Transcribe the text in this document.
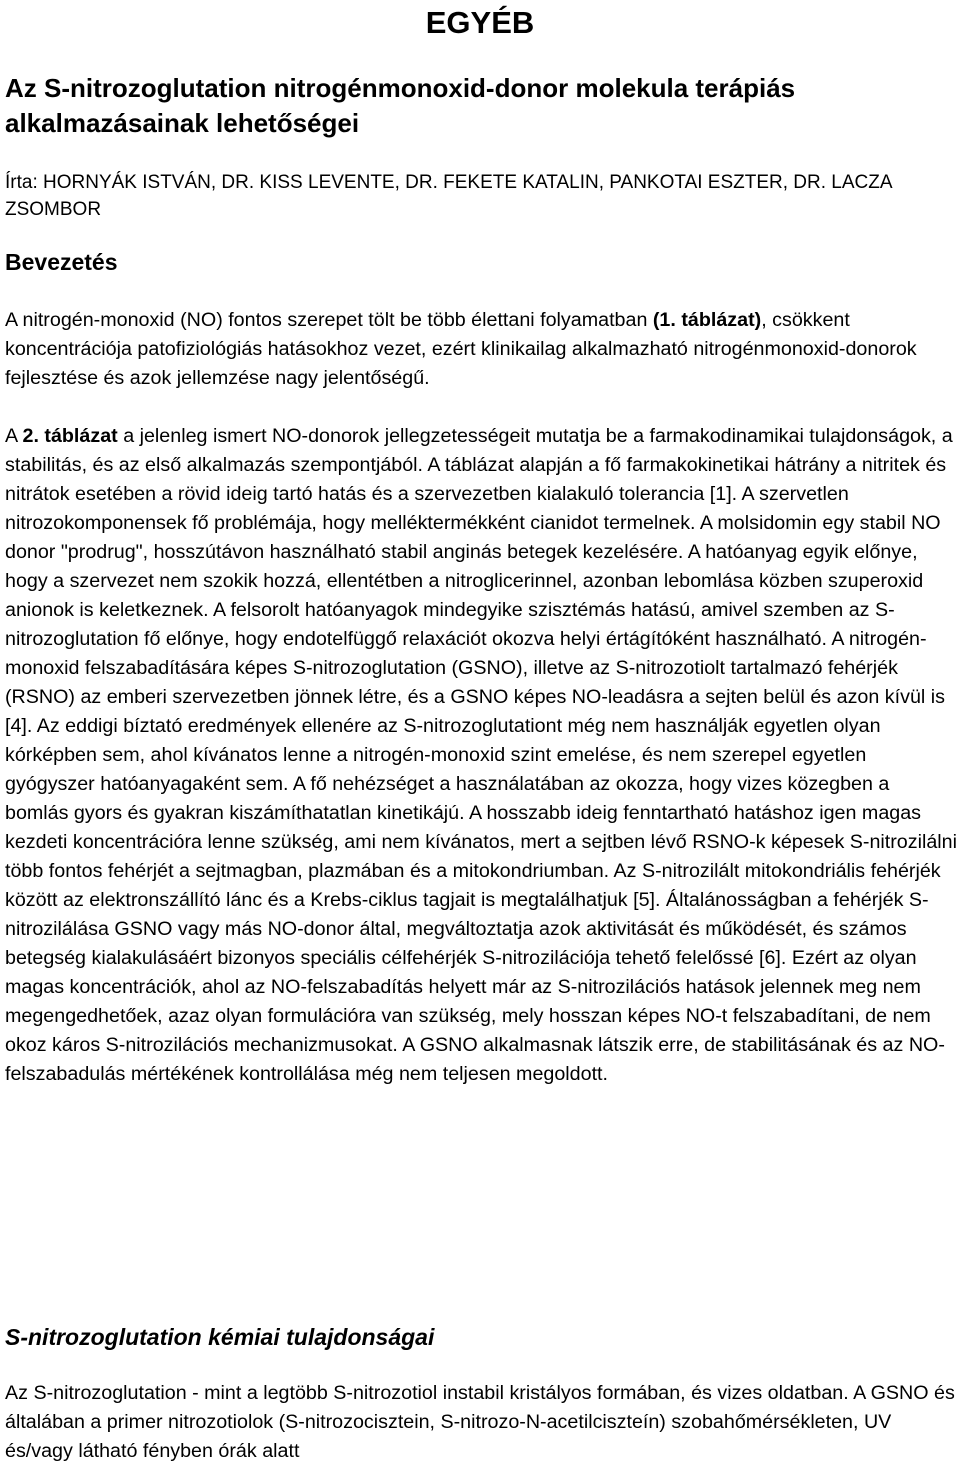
EGYÉB
Az S-nitrozoglutation nitrogénmonoxid-donor molekula terápiás alkalmazásainak lehetőségei

Írta: HORNYÁK ISTVÁN, DR. KISS LEVENTE, DR. FEKETE KATALIN, PANKOTAI ESZTER, DR. LACZA ZSOMBOR

Bevezetés

A nitrogén-monoxid (NO) fontos szerepet tölt be több élettani folyamatban (1. táblázat), csökkent koncentrációja patofiziológiás hatásokhoz vezet, ezért klinikailag alkalmazható nitrogénmonoxid-donorok fejlesztése és azok jellemzése nagy jelentőségű.

A 2. táblázat a jelenleg ismert NO-donorok jellegzetességeit mutatja be a farmakodinamikai tulajdonságok, a stabilitás, és az első alkalmazás szempontjából. A táblázat alapján a fő farmakokinetikai hátrány a nitritek és nitrátok esetében a rövid ideig tartó hatás és a szervezetben kialakuló tolerancia [1]. A szervetlen nitrozokomponensek fő problémája, hogy melléktermékként cianidot termelnek. A molsidomin egy stabil NO donor "prodrug", hosszútávon használható stabil anginás betegek kezelésére. A hatóanyag egyik előnye, hogy a szervezet nem szokik hozzá, ellentétben a nitroglicerinnel, azonban lebomlása közben szuperoxid anionok is keletkeznek. A felsorolt hatóanyagok mindegyike szisztémás hatású, amivel szemben az S-nitrozoglutation fő előnye, hogy endotelfüggő relaxációt okozva helyi értágítóként használható. A nitrogén-monoxid felszabadítására képes S-nitrozoglutation (GSNO), illetve az S-nitrozotiolt tartalmazó fehérjék (RSNO) az emberi szervezetben jönnek létre, és a GSNO képes NO-leadásra a sejten belül és azon kívül is [4]. Az eddigi bíztató eredmények ellenére az S-nitrozoglutationt még nem használják egyetlen olyan kórképben sem, ahol kívánatos lenne a nitrogén-monoxid szint emelése, és nem szerepel egyetlen gyógyszer hatóanyagaként sem. A fő nehézséget a használatában az okozza, hogy vizes közegben a bomlás gyors és gyakran kiszámíthatatlan kinetikájú. A hosszabb ideig fenntartható hatáshoz igen magas kezdeti koncentrációra lenne szükség, ami nem kívánatos, mert a sejtben lévő RSNO-k képesek S-nitrozilálni több fontos fehérjét a sejtmagban, plazmában és a mitokondriumban. Az S-nitrozilált mitokondriális fehérjék között az elektronszállító lánc és a Krebs-ciklus tagjait is megtalálhatjuk [5]. Általánosságban a fehérjék S-nitrozilálása GSNO vagy más NO-donor által, megváltoztatja azok aktivitását és működését, és számos betegség kialakulásáért bizonyos speciális célfehérjék S-nitrozilációja tehető felelőssé [6]. Ezért az olyan magas koncentrációk, ahol az NO-felszabadítás helyett már az S-nitrozilációs hatások jelennek meg nem megengedhetőek, azaz olyan formulációra van szükség, mely hosszan képes NO-t felszabadítani, de nem okoz káros S-nitrozilációs mechanizmusokat. A GSNO alkalmasnak látszik erre, de stabilitásának és az NO-felszabadulás mértékének kontrollálása még nem teljesen megoldott.

S-nitrozoglutation kémiai tulajdonságai

Az S-nitrozoglutation - mint a legtöbb S-nitrozotiol instabil kristályos formában, és vizes oldatban. A GSNO és általában a primer nitrozotiolok (S-nitrozocisztein, S-nitrozo-N-acetilciszteín) szobahőmérsékleten, UV és/vagy látható fényben órák alatt
